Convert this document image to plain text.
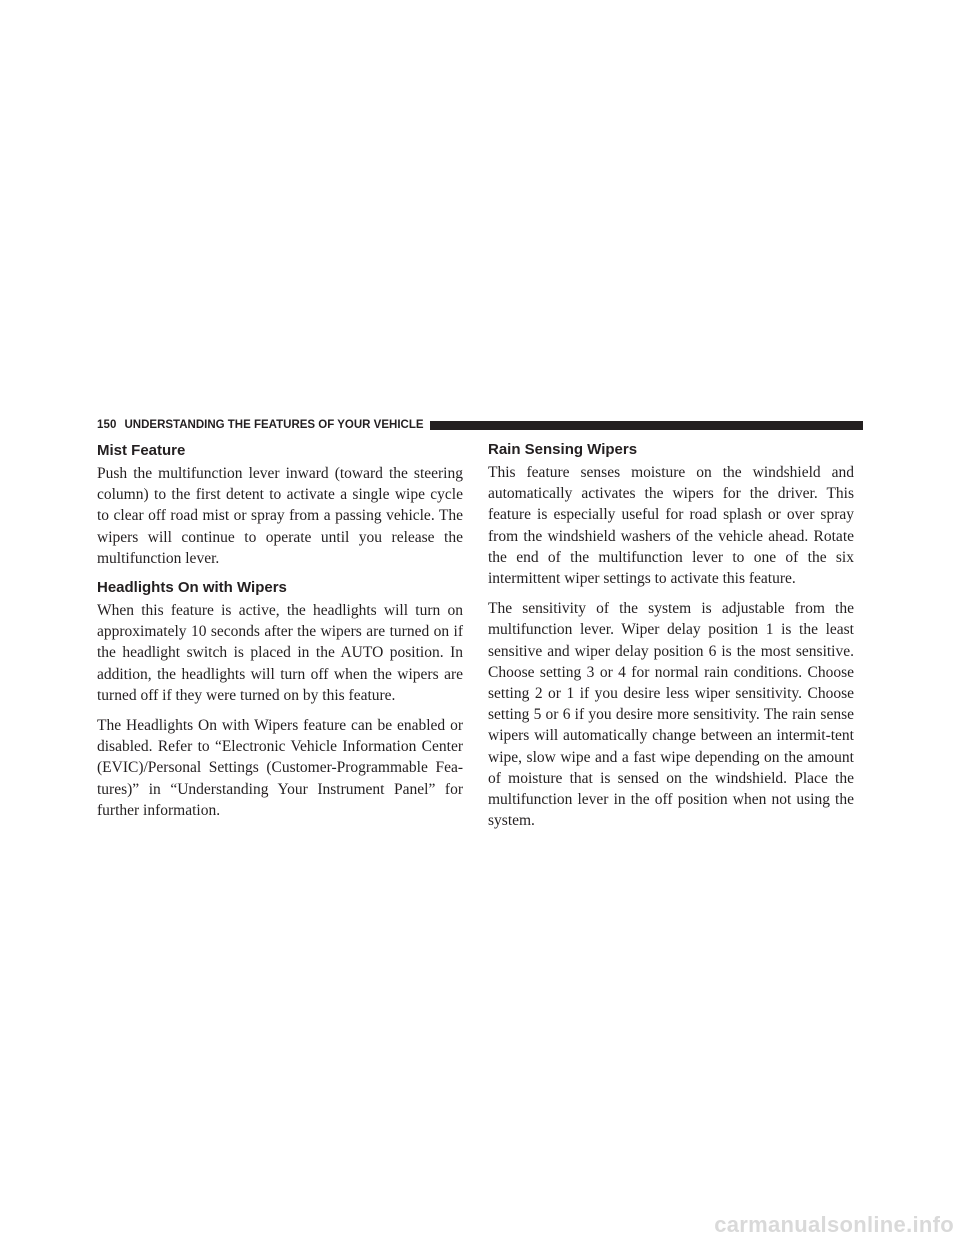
150 UNDERSTANDING THE FEATURES OF YOUR VEHICLE
Mist Feature

Push the multifunction lever inward (toward the steering column) to the first detent to activate a single wipe cycle to clear off road mist or spray from a passing vehicle. The wipers will continue to operate until you release the multifunction lever.

Headlights On with Wipers

When this feature is active, the headlights will turn on approximately 10 seconds after the wipers are turned on if the headlight switch is placed in the AUTO position. In addition, the headlights will turn off when the wipers are turned off if they were turned on by this feature.

The Headlights On with Wipers feature can be enabled or disabled. Refer to “Electronic Vehicle Information Center (EVIC)/Personal Settings (Customer-Programmable Fea-tures)” in “Understanding Your Instrument Panel” for further information.

Rain Sensing Wipers

This feature senses moisture on the windshield and automatically activates the wipers for the driver. This feature is especially useful for road splash or over spray from the windshield washers of the vehicle ahead. Rotate the end of the multifunction lever to one of the six intermittent wiper settings to activate this feature.

The sensitivity of the system is adjustable from the multifunction lever. Wiper delay position 1 is the least sensitive and wiper delay position 6 is the most sensitive. Choose setting 3 or 4 for normal rain conditions. Choose setting 2 or 1 if you desire less wiper sensitivity. Choose setting 5 or 6 if you desire more sensitivity. The rain sense wipers will automatically change between an intermit-tent wipe, slow wipe and a fast wipe depending on the amount of moisture that is sensed on the windshield. Place the multifunction lever in the off position when not using the system.

carmanualsonline.info
